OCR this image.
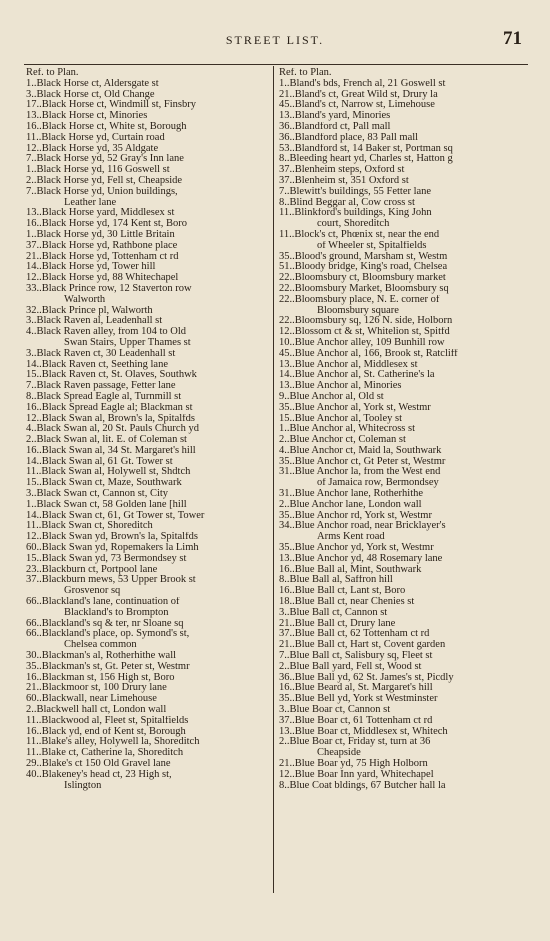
STREET LIST.	71
Ref. to Plan.
1..Black Horse ct, Aldersgate st
3..Black Horse ct, Old Change
17..Black Horse ct, Windmill st, Finsbry
13..Black Horse ct, Minories
16..Black Horse ct, White st, Borough
11..Black Horse yd, Curtain road
12..Black Horse yd, 35 Aldgate
7..Black Horse yd, 52 Gray's Inn lane
1..Black Horse yd, 116 Goswell st
2..Black Horse yd, Fell st, Cheapside
7..Black Horse yd, Union buildings,
Leather lane
13..Black Horse yard, Middlesex st
16..Black Horse yd, 174 Kent st, Boro
1..Black Horse yd, 30 Little Britain
37..Black Horse yd, Rathbone place
21..Black Horse yd, Tottenham ct rd
14..Black Horse yd, Tower hill
12..Black Horse yd, 88 Whitechapel
33..Black Prince row, 12 Staverton row
Walworth
32..Black Prince pl, Walworth
3..Black Raven al, Leadenhall st
4..Black Raven alley, from 104 to Old
Swan Stairs, Upper Thames st
3..Black Raven ct, 30 Leadenhall st
14..Black Raven ct, Seething lane
15..Black Raven ct, St. Olaves, Southwk
7..Black Raven passage, Fetter lane
8..Black Spread Eagle al, Turnmill st
16..Black Spread Eagle al; Blackman st
12..Black Swan al, Brown's la, Spitalfds
4..Black Swan al, 20 St. Pauls Church yd
2..Black Swan al, lit. E. of Coleman st
16..Black Swan al, 34 St. Margaret's hill
14..Black Swan al, 61 Gt. Tower st
11..Black Swan al, Holywell st, Shdtch
15..Black Swan ct, Maze, Southwark
3..Black Swan ct, Cannon st, City
1..Black Swan ct, 58 Golden lane [hill
14..Black Swan ct, 61, Gt Tower st, Tower
11..Black Swan ct, Shoreditch
12..Black Swan yd, Brown's la, Spitalfds
60..Black Swan yd, Ropemakers la Limh
15..Black Swan yd, 73 Bermondsey st
23..Blackburn ct, Portpool lane
37..Blackburn mews, 53 Upper Brook st
Grosvenor sq
66..Blackland's lane, continuation of
Blackland's to Brompton
66..Blackland's sq & ter, nr Sloane sq
66..Blackland's place, op. Symond's st,
Chelsea common
30..Blackman's al, Rotherhithe wall
35..Blackman's st, Gt. Peter st, Westmr
16..Blackman st, 156 High st, Boro
21..Blackmoor st, 100 Drury lane
60..Blackwall, near Limehouse
2..Blackwell hall ct, London wall
11..Blackwood al, Fleet st, Spitalfields
16..Black yd, end of Kent st, Borough
11..Blake's alley, Holywell la, Shoreditch
11..Blake ct, Catherine la, Shoreditch
29..Blake's ct 150 Old Gravel lane
40..Blakeney's head ct, 23 High st,
Islington
Ref. to Plan.
1..Bland's bds, French al, 21 Goswell st
21..Bland's ct, Great Wild st, Drury la
45..Bland's ct, Narrow st, Limehouse
13..Bland's yard, Minories
36..Blandford ct, Pall mall
36..Blandford place, 83 Pall mall
53..Blandford st, 14 Baker st, Portman sq
8..Bleeding heart yd, Charles st, Hatton g
37..Blenheim steps, Oxford st
37..Blenheim st, 351 Oxford st
7..Blewitt's buildings, 55 Fetter lane
8..Blind Beggar al, Cow cross st
11..Blinkford's buildings, King John
court, Shoreditch
11..Block's ct, Phœnix st, near the end
of Wheeler st, Spitalfields
35..Blood's ground, Marsham st, Westm
51..Bloody bridge, King's road, Chelsea
22..Bloomsbury ct, Bloomsbury market
22..Bloomsbury Market, Bloomsbury sq
22..Bloomsbury place, N. E. corner of
Bloomsbury square
22..Bloomsbury sq, 126 N. side, Holborn
12..Blossom ct & st, Whitelion st, Spitfd
10..Blue Anchor alley, 109 Bunhill row
45..Blue Anchor al, 166, Brook st, Ratcliff
13..Blue Anchor al, Middlesex st
14..Blue Anchor al, St. Catherine's la
13..Blue Anchor al, Minories
9..Blue Anchor al, Old st
35..Blue Anchor al, York st, Westmr
15..Blue Anchor al, Tooley st
1..Blue Anchor al, Whitecross st
2..Blue Anchor ct, Coleman st
4..Blue Anchor ct, Maid la, Southwark
35..Blue Anchor ct, Gt Peter st, Westmr
31..Blue Anchor la, from the West end
of Jamaica row, Bermondsey
31..Blue Anchor lane, Rotherhithe
2..Blue Anchor lane, London wall
35..Blue Anchor rd, York st, Westmr
34..Blue Anchor road, near Bricklayer's
Arms Kent road
35..Blue Anchor yd, York st, Westmr
13..Blue Anchor yd, 48 Rosemary lane
16..Blue Ball al, Mint, Southwark
8..Blue Ball al, Saffron hill
16..Blue Ball ct, Lant st, Boro
18..Blue Ball ct, near Chenies st
3..Blue Ball ct, Cannon st
21..Blue Ball ct, Drury lane
37..Blue Ball ct, 62 Tottenham ct rd
21..Blue Ball ct, Hart st, Covent garden
7..Blue Ball ct, Salisbury sq, Fleet st
2..Blue Ball yard, Fell st, Wood st
36..Blue Ball yd, 62 St. James's st, Picdly
16..Blue Beard al, St. Margaret's hill
35..Blue Bell yd, York st Westminster
3..Blue Boar ct, Cannon st
37..Blue Boar ct, 61 Tottenham ct rd
13..Blue Boar ct, Middlesex st, Whitech
2..Blue Boar ct, Friday st, turn at 36
Cheapside
21..Blue Boar yd, 75 High Holborn
12..Blue Boar Inn yard, Whitechapel
8..Blue Coat bldings, 67 Butcher hall la
